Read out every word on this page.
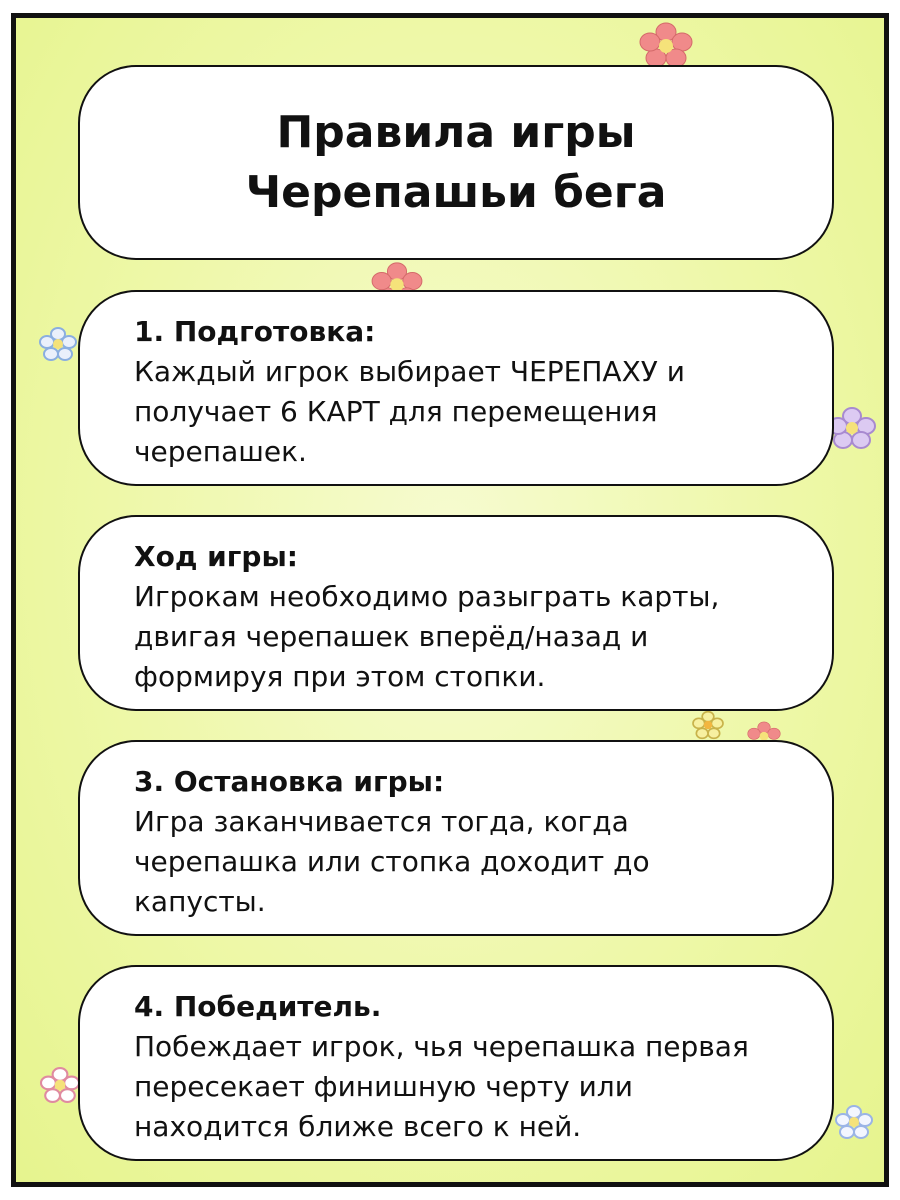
Правила игры
Черепашьи бега
1. Подготовка:
Каждый игрок выбирает ЧЕРЕПАХУ и
получает 6 КАРТ для перемещения
черепашек.
Ход игры:
Игрокам необходимо разыграть карты,
двигая черепашек вперёд/назад и
формируя при этом стопки.
3. Остановка игры:
Игра заканчивается тогда, когда
черепашка или стопка доходит до
капусты.
4. Победитель.
Побеждает игрок, чья черепашка первая
пересекает финишную черту или
находится ближе всего к ней.
